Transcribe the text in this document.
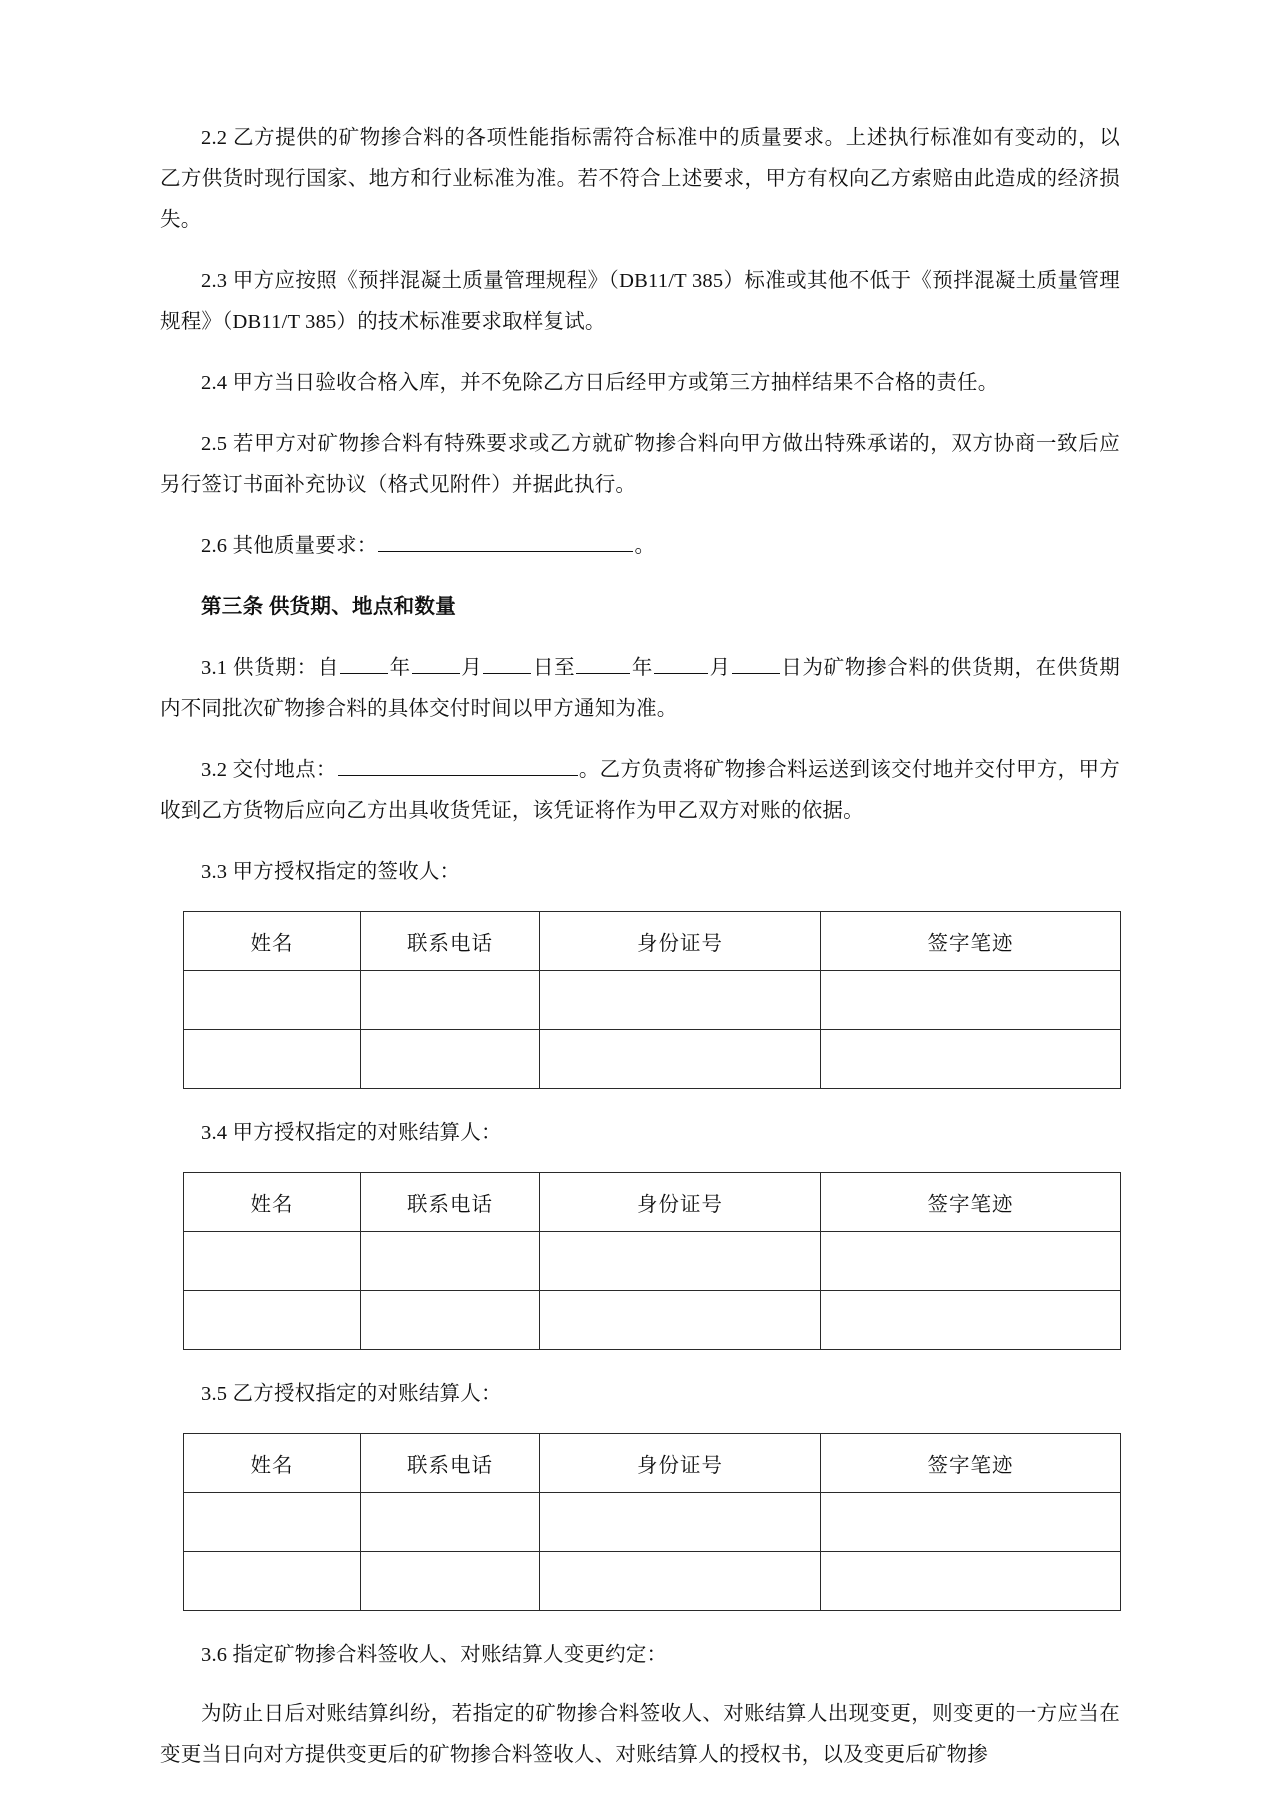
2.2 乙方提供的矿物掺合料的各项性能指标需符合标准中的质量要求。上述执行标准如有变动的，以乙方供货时现行国家、地方和行业标准为准。若不符合上述要求，甲方有权向乙方索赔由此造成的经济损失。

2.3 甲方应按照《预拌混凝土质量管理规程》（DB11/T 385）标准或其他不低于《预拌混凝土质量管理规程》（DB11/T 385）的技术标准要求取样复试。

2.4 甲方当日验收合格入库，并不免除乙方日后经甲方或第三方抽样结果不合格的责任。

2.5 若甲方对矿物掺合料有特殊要求或乙方就矿物掺合料向甲方做出特殊承诺的，双方协商一致后应另行签订书面补充协议（格式见附件）并据此执行。

2.6 其他质量要求：	。

第三条 供货期、地点和数量

3.1 供货期：自 年 月 日至	年	月 日为矿物掺合料的供货期，在供货期内不同批次矿物掺合料的具体交付时间以甲方通知为准。

3.2 交付地点：	。乙方负责将矿物掺合料运送到该交付地并交付甲方，甲方收到乙方货物后应向乙方出具收货凭证，该凭证将作为甲乙双方对账的依据。

3.3 甲方授权指定的签收人：

姓名	联系电话	身份证号	签字笔迹

3.4 甲方授权指定的对账结算人：

姓名	联系电话	身份证号	签字笔迹

3.5 乙方授权指定的对账结算人：

姓名	联系电话	身份证号	签字笔迹

3.6 指定矿物掺合料签收人、对账结算人变更约定：

为防止日后对账结算纠纷，若指定的矿物掺合料签收人、对账结算人出现变更，则变更的一方应当在变更当日向对方提供变更后的矿物掺合料签收人、对账结算人的授权书，以及变更后矿物掺
